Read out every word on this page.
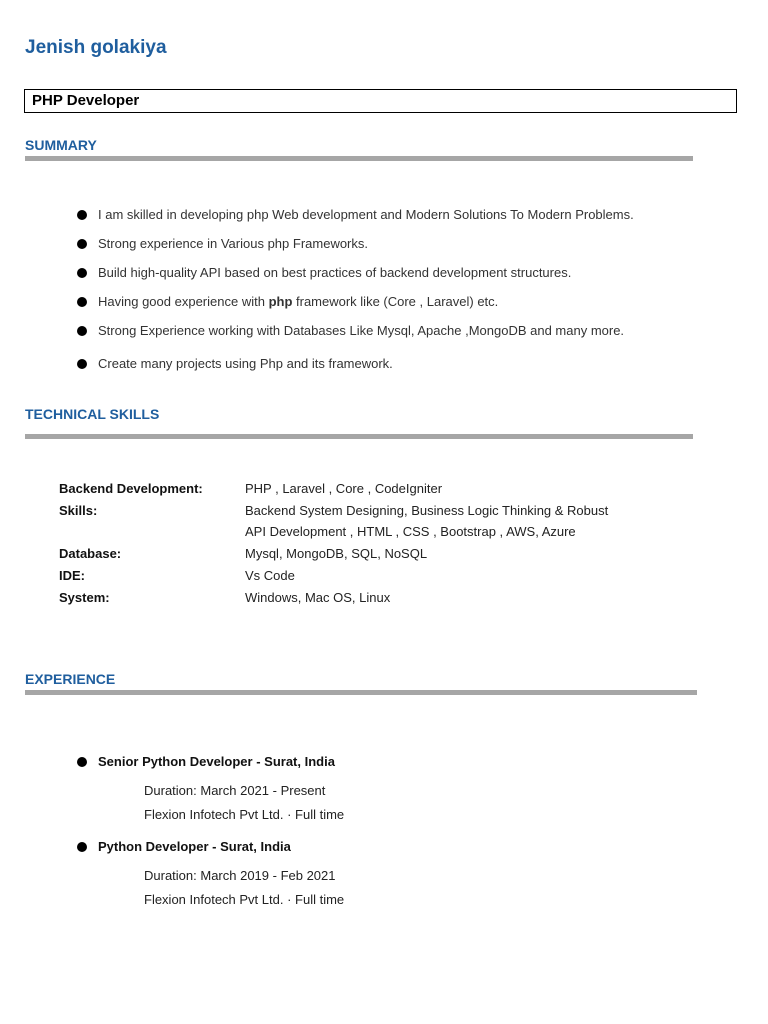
Jenish golakiya
PHP Developer
SUMMARY
I am skilled in developing php Web development and Modern Solutions To Modern Problems.
Strong experience in Various php Frameworks.
Build high-quality API based on best practices of backend development structures.
Having good experience with php framework like (Core , Laravel) etc.
Strong Experience working with Databases Like Mysql, Apache ,MongoDB and many more.
Create many projects using Php and its framework.
TECHNICAL SKILLS
Backend Development:	PHP , Laravel , Core , CodeIgniter
Skills:	Backend System Designing, Business Logic Thinking & Robust
API Development , HTML , CSS , Bootstrap , AWS, Azure
Database:	Mysql, MongoDB, SQL, NoSQL
IDE:	Vs Code
System:	Windows, Mac OS, Linux
EXPERIENCE
Senior Python Developer - Surat, India
Duration: March 2021 - Present
Flexion Infotech Pvt Ltd. · Full time
Python Developer - Surat, India
Duration: March 2019 - Feb 2021
Flexion Infotech Pvt Ltd. · Full time
